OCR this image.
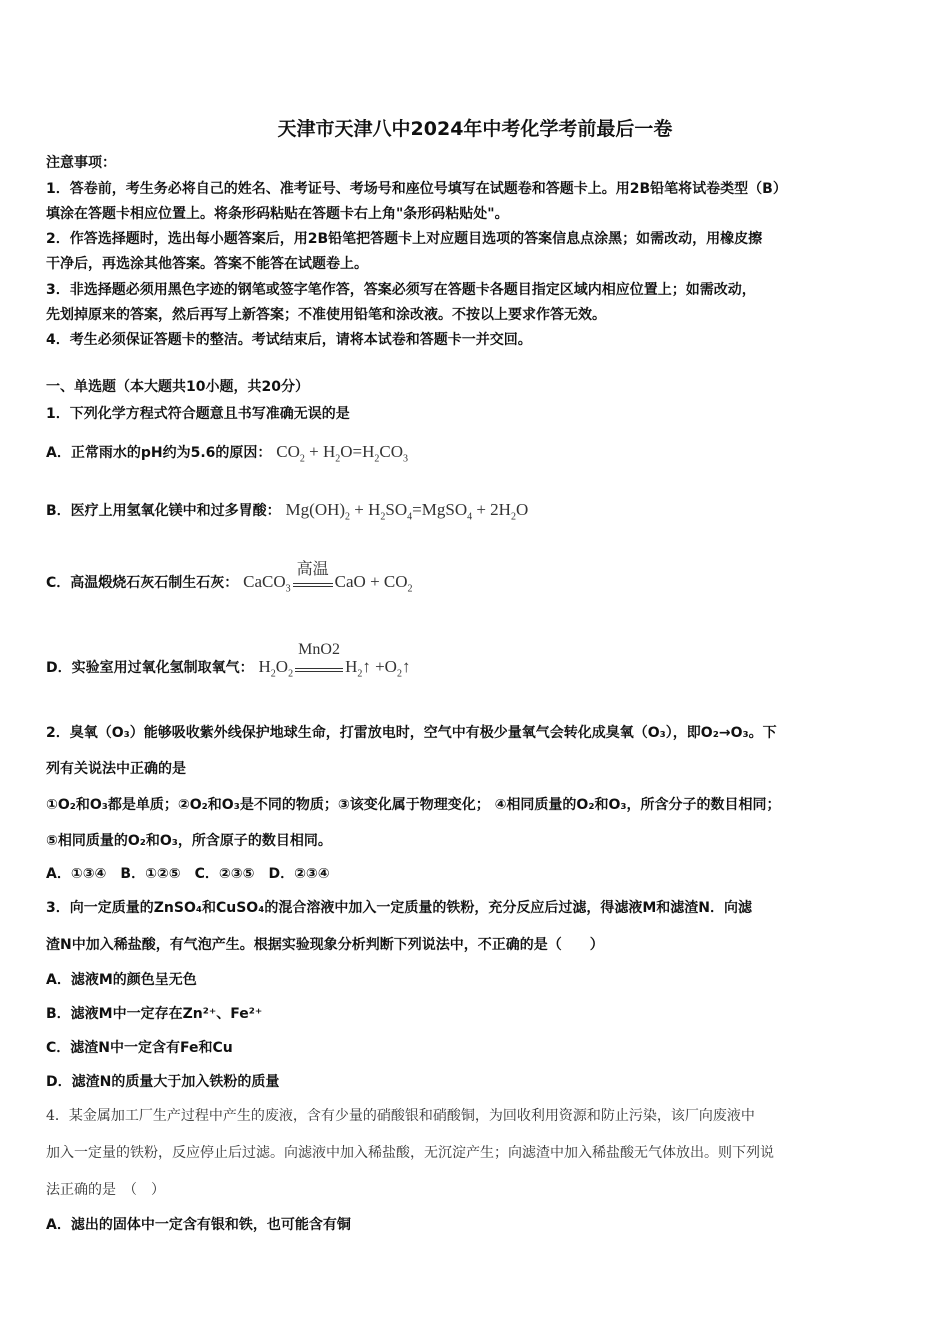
天津市天津八中2024年中考化学考前最后一卷
注意事项：
1．答卷前，考生务必将自己的姓名、准考证号、考场号和座位号填写在试题卷和答题卡上。用2B铅笔将试卷类型（B）
填涂在答题卡相应位置上。将条形码粘贴在答题卡右上角"条形码粘贴处"。
2．作答选择题时，选出每小题答案后，用2B铅笔把答题卡上对应题目选项的答案信息点涂黑；如需改动，用橡皮擦
干净后，再选涂其他答案。答案不能答在试题卷上。
3．非选择题必须用黑色字迹的钢笔或签字笔作答，答案必须写在答题卡各题目指定区域内相应位置上；如需改动，
先划掉原来的答案，然后再写上新答案；不准使用铅笔和涂改液。不按以上要求作答无效。
4．考生必须保证答题卡的整洁。考试结束后，请将本试卷和答题卡一并交回。
一、单选题（本大题共10小题，共20分）
1．下列化学方程式符合题意且书写准确无误的是
A．正常雨水的pH约为5.6的原因： $CO_2 + H_2O=H_2CO_3$
B．医疗上用氢氧化镁中和过多胃酸： $Mg(OH)_2$ + $H_2SO_4=MgSO_4 + 2H_2O$
C．高温煅烧石灰石制生石灰： CaCO$_3$
高温
CaO + $CO_2$
D．实验室用过氧化氢制取氧气： $H_2O_2$
MnO2
$H_2↑$ $+O_2↑$
2．臭氧（O₃）能够吸收紫外线保护地球生命，打雷放电时，空气中有极少量氧气会转化成臭氧（O₃），即O₂→O₃。下
列有关说法中正确的是
①O₂和O₃都是单质；②O₂和O₃是不同的物质；③该变化属于物理变化； ④相同质量的O₂和O₃，所含分子的数目相同；
⑤相同质量的O₂和O₃，所含原子的数目相同。
A．①③④　B．①②⑤　C．②③⑤　D．②③④
3．向一定质量的ZnSO₄和CuSO₄的混合溶液中加入一定质量的铁粉，充分反应后过滤，得滤液M和滤渣N．向滤
渣N中加入稀盐酸，有气泡产生。根据实验现象分析判断下列说法中，不正确的是（　　）
A．滤液M的颜色呈无色
B．滤液M中一定存在Zn²⁺、Fe²⁺
C．滤渣N中一定含有Fe和Cu
D．滤渣N的质量大于加入铁粉的质量
4．某金属加工厂生产过程中产生的废液，含有少量的硝酸银和硝酸铜，为回收利用资源和防止污染，该厂向废液中
加入一定量的铁粉，反应停止后过滤。向滤液中加入稀盐酸，无沉淀产生；向滤渣中加入稀盐酸无气体放出。则下列说
法正确的是　（　）
A．滤出的固体中一定含有银和铁，也可能含有铜
